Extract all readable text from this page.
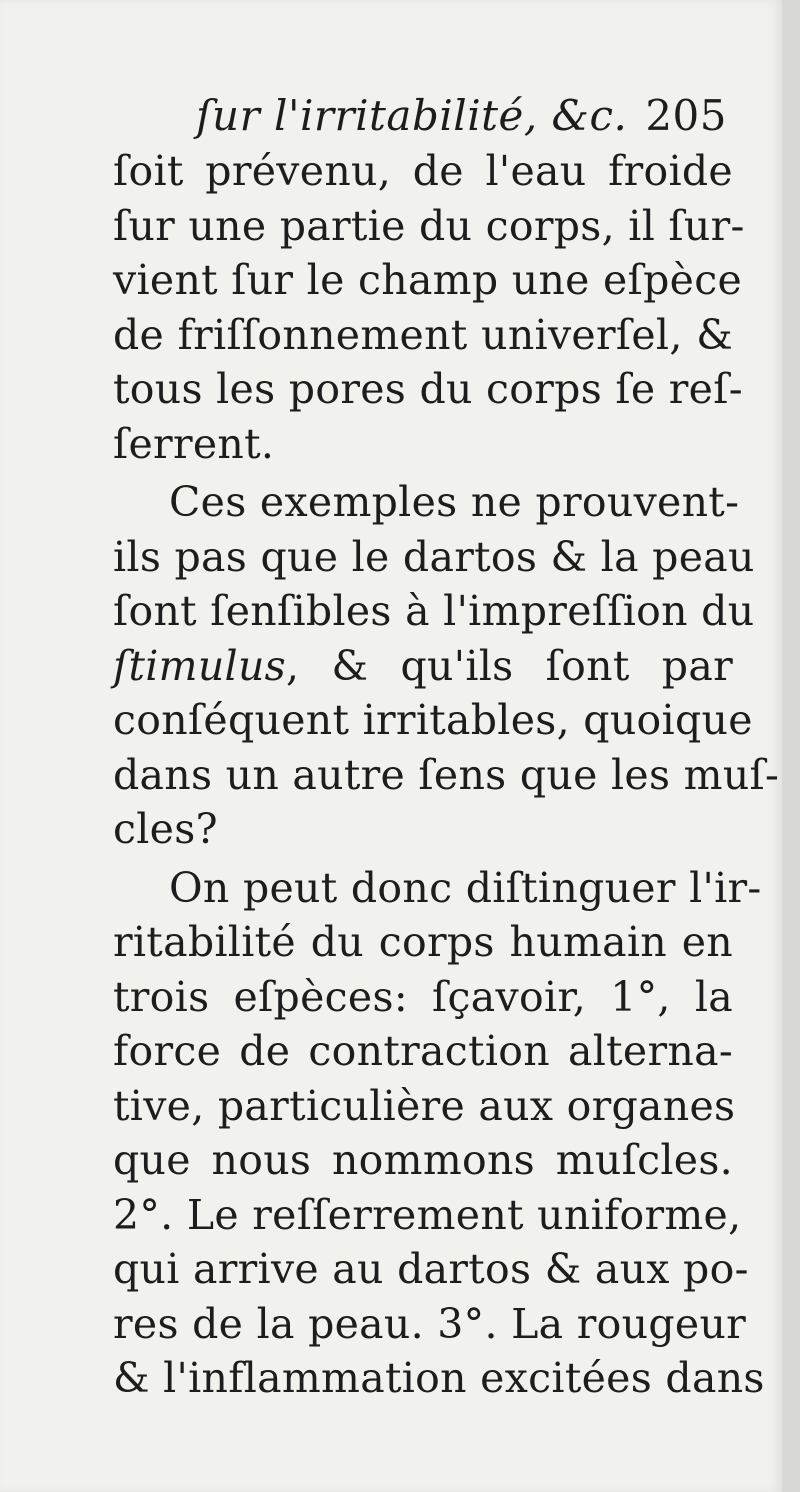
ſur l'irritabilité, &c. 205
ſoit prévenu, de l'eau froide
ſur une partie du corps, il ſur-
vient ſur le champ une eſpèce
de friſſonnement univerſel, &
tous les pores du corps ſe reſ-
ſerrent.
Ces exemples ne prouvent-
ils pas que le dartos & la peau
ſont ſenſibles à l'impreſſion du
ſtimulus, & qu'ils ſont par
conſéquent irritables, quoique
dans un autre ſens que les muſ-
cles?
On peut donc diſtinguer l'ir-
ritabilité du corps humain en
trois eſpèces: ſçavoir, 1°, la
force de contraction alterna-
tive, particulière aux organes
que nous nommons muſcles.
2°. Le reſſerrement uniforme,
qui arrive au dartos & aux po-
res de la peau. 3°. La rougeur
& l'inflammation excitées dans
